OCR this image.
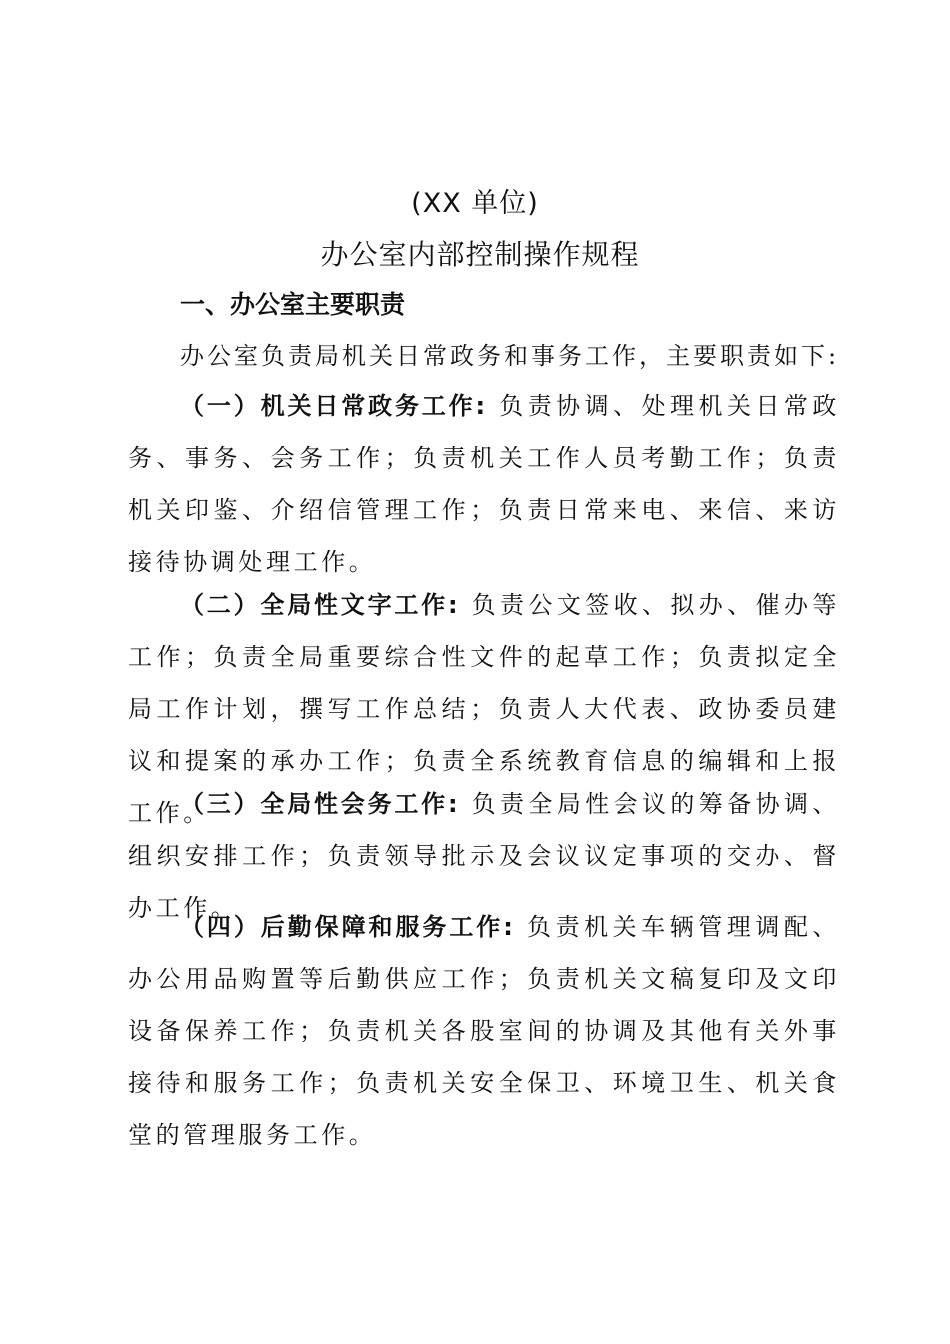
(XX 单位)
办公室内部控制操作规程
一、办公室主要职责
办公室负责局机关日常政务和事务工作，主要职责如下:

（一）机关日常政务工作: 负责协调、处理机关日常政务、事务、会务工作；负责机关工作人员考勤工作；负责机关印鉴、介绍信管理工作；负责日常来电、来信、来访接待协调处理工作。

（二）全局性文字工作: 负责公文签收、拟办、催办等工作；负责全局重要综合性文件的起草工作；负责拟定全局工作计划，撰写工作总结；负责人大代表、政协委员建议和提案的承办工作；负责全系统教育信息的编辑和上报工作。

（三）全局性会务工作: 负责全局性会议的筹备协调、组织安排工作；负责领导批示及会议议定事项的交办、督办工作。

（四）后勤保障和服务工作: 负责机关车辆管理调配、办公用品购置等后勤供应工作；负责机关文稿复印及文印设备保养工作；负责机关各股室间的协调及其他有关外事接待和服务工作；负责机关安全保卫、环境卫生、机关食堂的管理服务工作。
